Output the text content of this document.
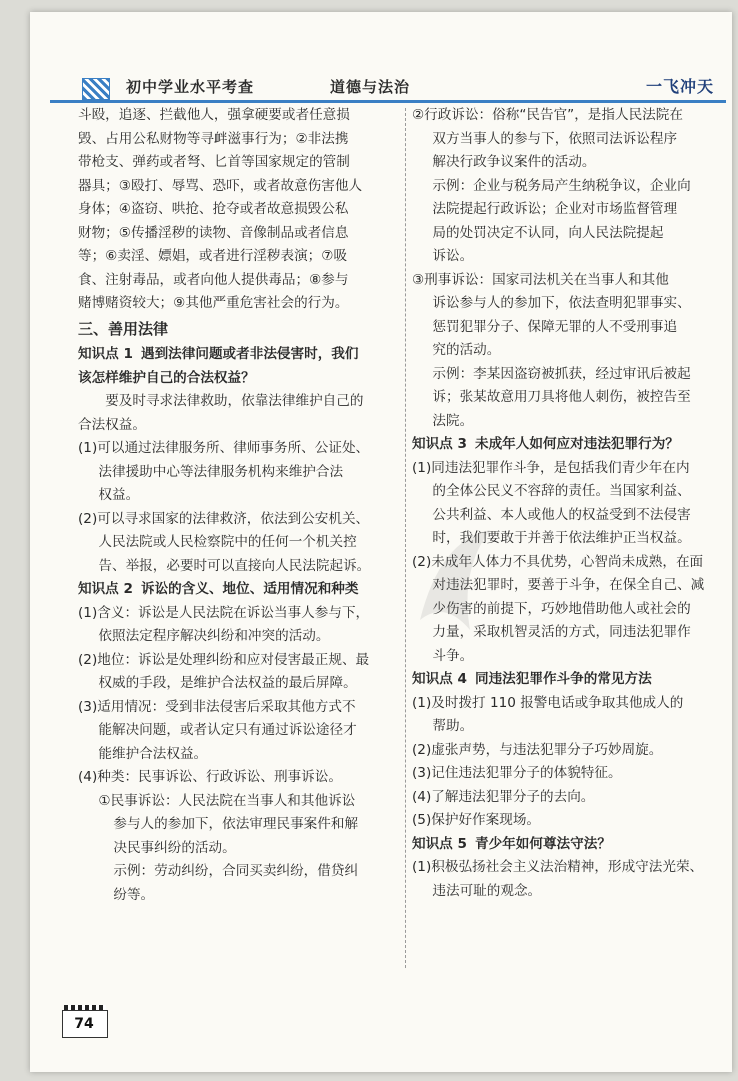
初中学业水平考查	道德与法治	一飞冲天
斗殴，追逐、拦截他人，强拿硬要或者任意损
毁、占用公私财物等寻衅滋事行为；②非法携
带枪支、弹药或者弩、匕首等国家规定的管制
器具；③殴打、辱骂、恐吓，或者故意伤害他人
身体；④盗窃、哄抢、抢夺或者故意损毁公私
财物；⑤传播淫秽的读物、音像制品或者信息
等；⑥卖淫、嫖娼，或者进行淫秽表演；⑦吸
食、注射毒品，或者向他人提供毒品；⑧参与
赌博赌资较大；⑨其他严重危害社会的行为。
三、善用法律
知识点 1 遇到法律问题或者非法侵害时，我们
该怎样维护自己的合法权益？
要及时寻求法律救助，依靠法律维护自己的
合法权益。
(1)可以通过法律服务所、律师事务所、公证处、
法律援助中心等法律服务机构来维护合法
权益。
(2)可以寻求国家的法律救济，依法到公安机关、
人民法院或人民检察院中的任何一个机关控
告、举报，必要时可以直接向人民法院起诉。
知识点 2 诉讼的含义、地位、适用情况和种类
(1)含义：诉讼是人民法院在诉讼当事人参与下，
依照法定程序解决纠纷和冲突的活动。
(2)地位：诉讼是处理纠纷和应对侵害最正规、最
权威的手段，是维护合法权益的最后屏障。
(3)适用情况：受到非法侵害后采取其他方式不
能解决问题，或者认定只有通过诉讼途径才
能维护合法权益。
(4)种类：民事诉讼、行政诉讼、刑事诉讼。
①民事诉讼：人民法院在当事人和其他诉讼
参与人的参加下，依法审理民事案件和解
决民事纠纷的活动。
示例：劳动纠纷，合同买卖纠纷，借贷纠
纷等。
②行政诉讼：俗称“民告官”，是指人民法院在
双方当事人的参与下，依照司法诉讼程序
解决行政争议案件的活动。
示例：企业与税务局产生纳税争议，企业向
法院提起行政诉讼；企业对市场监督管理
局的处罚决定不认同，向人民法院提起
诉讼。
③刑事诉讼：国家司法机关在当事人和其他
诉讼参与人的参加下，依法查明犯罪事实、
惩罚犯罪分子、保障无罪的人不受刑事追
究的活动。
示例：李某因盗窃被抓获，经过审讯后被起
诉；张某故意用刀具将他人刺伤，被控告至
法院。
知识点 3 未成年人如何应对违法犯罪行为？
(1)同违法犯罪作斗争，是包括我们青少年在内
的全体公民义不容辞的责任。当国家利益、
公共利益、本人或他人的权益受到不法侵害
时，我们要敢于并善于依法维护正当权益。
(2)未成年人体力不具优势，心智尚未成熟，在面
对违法犯罪时，要善于斗争，在保全自己、减
少伤害的前提下，巧妙地借助他人或社会的
力量，采取机智灵活的方式，同违法犯罪作
斗争。
知识点 4 同违法犯罪作斗争的常见方法
(1)及时拨打 110 报警电话或争取其他成人的
帮助。
(2)虚张声势，与违法犯罪分子巧妙周旋。
(3)记住违法犯罪分子的体貌特征。
(4)了解违法犯罪分子的去向。
(5)保护好作案现场。
知识点 5 青少年如何尊法守法？
(1)积极弘扬社会主义法治精神，形成守法光荣、
违法可耻的观念。
74
